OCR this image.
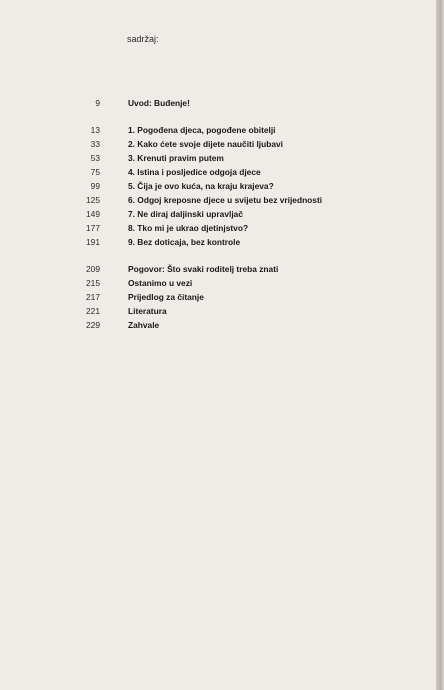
sadržaj:
9	Uvod: Buđenje!
13	1. Pogođena djeca, pogođene obitelji
33	2. Kako ćete svoje dijete naučiti ljubavi
53	3. Krenuti pravim putem
75	4. Istina i posljedice odgoja djece
99	5. Čija je ovo kuća, na kraju krajeva?
125	6. Odgoj kreposne djece u svijetu bez vrijednosti
149	7. Ne diraj daljinski upravljač
177	8. Tko mi je ukrao djetinjstvo?
191	9. Bez doticaja, bez kontrole
209	Pogovor: Što svaki roditelj treba znati
215	Ostanimo u vezi
217	Prijedlog za čitanje
221	Literatura
229	Zahvale
